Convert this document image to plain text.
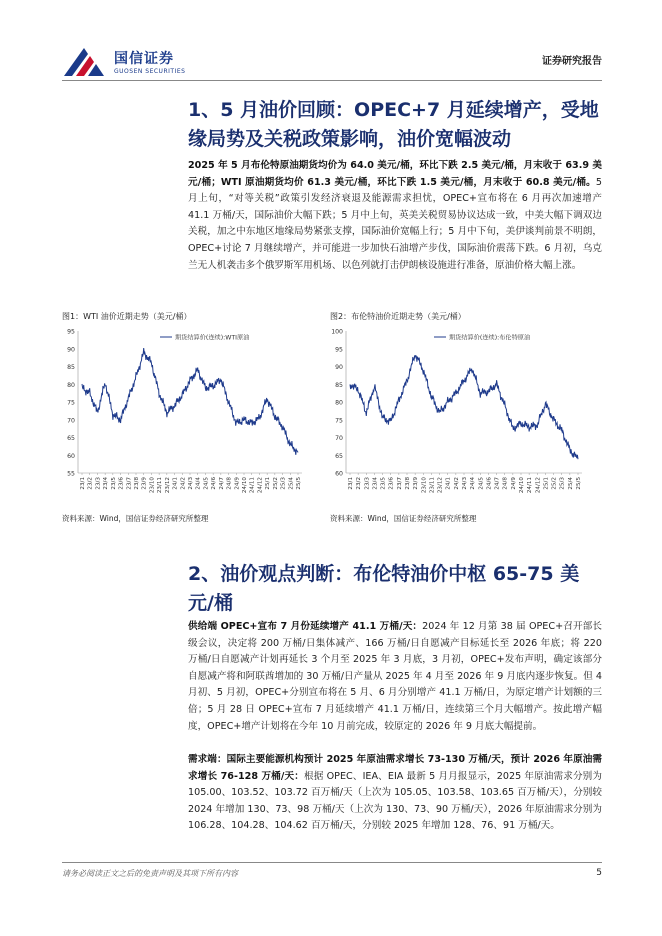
国信证券
GUOSEN SECURITIES
证券研究报告
1、5 月油价回顾：OPEC+7 月延续增产，受地缘局势及关税政策影响，油价宽幅波动

2025 年 5 月布伦特原油期货均价为 64.0 美元/桶，环比下跌 2.5 美元/桶，月末收于 63.9 美元/桶；WTI 原油期货均价 61.3 美元/桶，环比下跌 1.5 美元/桶，月末收于 60.8 美元/桶。5 月上旬，“对等关税”政策引发经济衰退及能源需求担忧，OPEC+宣布将在 6 月再次加速增产 41.1 万桶/天，国际油价大幅下跌；5 月中上旬，英美关税贸易协议达成一致，中美大幅下调双边关税，加之中东地区地缘局势紧张支撑，国际油价宽幅上行；5 月中下旬，美伊谈判前景不明朗，OPEC+讨论 7 月继续增产，并可能进一步加快石油增产步伐，国际油价震荡下跌。6 月初，乌克兰无人机袭击多个俄罗斯军用机场、以色列就打击伊朗核设施进行准备，原油价格大幅上涨。

图1：WTI 油价近期走势（美元/桶）	图2：布伦特油价近期走势（美元/桶）
95
90
85
80
75
70
65
60
55
23/1 23/2 23/3 23/4 23/5 23/6 23/7 23/8 23/9 23/10 23/11 23/12 24/1 24/2 24/3 24/4 24/5 24/6 24/7 24/8 24/9 24/10 24/11 24/12 25/1 25/2 25/3 25/4 25/5
期货结算价(连续):WTI原油
100
95
90
85
80
75
70
65
60
23/1 23/2 23/3 23/4 23/5 23/6 23/7 23/8 23/9 23/10 23/11 23/12 24/1 24/2 24/3 24/4 24/5 24/6 24/7 24/8 24/9 24/10 24/11 24/12 25/1 25/2 25/3 25/4 25/5
期货结算价(连续):布伦特原油
资料来源：Wind，国信证券经济研究所整理	资料来源：Wind，国信证券经济研究所整理
2、油价观点判断：布伦特油价中枢 65-75 美元/桶

供给端 OPEC+宣布 7 月份延续增产 41.1 万桶/天：2024 年 12 月第 38 届 OPEC+召开部长级会议，决定将 200 万桶/日集体减产、166 万桶/日自愿减产目标延长至 2026 年底；将 220 万桶/日自愿减产计划再延长 3 个月至 2025 年 3 月底，3 月初，OPEC+发布声明，确定该部分自愿减产将和阿联酋增加的 30 万桶/日产量从 2025 年 4 月至 2026 年 9 月底内逐步恢复。但 4 月初、5 月初，OPEC+分别宣布将在 5 月、6 月分别增产 41.1 万桶/日，为原定增产计划额的三倍；5 月 28 日 OPEC+宣布 7 月延续增产 41.1 万桶/日，连续第三个月大幅增产。按此增产幅度，OPEC+增产计划将在今年 10 月前完成，较原定的 2026 年 9 月底大幅提前。

需求端：国际主要能源机构预计 2025 年原油需求增长 73-130 万桶/天，预计 2026 年原油需求增长 76-128 万桶/天：根据 OPEC、IEA、EIA 最新 5 月月报显示，2025 年原油需求分别为 105.00、103.52、103.72 百万桶/天（上次为 105.05、103.58、103.65 百万桶/天），分别较 2024 年增加 130、73、98 万桶/天（上次为 130、73、90 万桶/天），2026 年原油需求分别为 106.28、104.28、104.62 百万桶/天，分别较 2025 年增加 128、76、91 万桶/天。

请务必阅读正文之后的免责声明及其项下所有内容	5
